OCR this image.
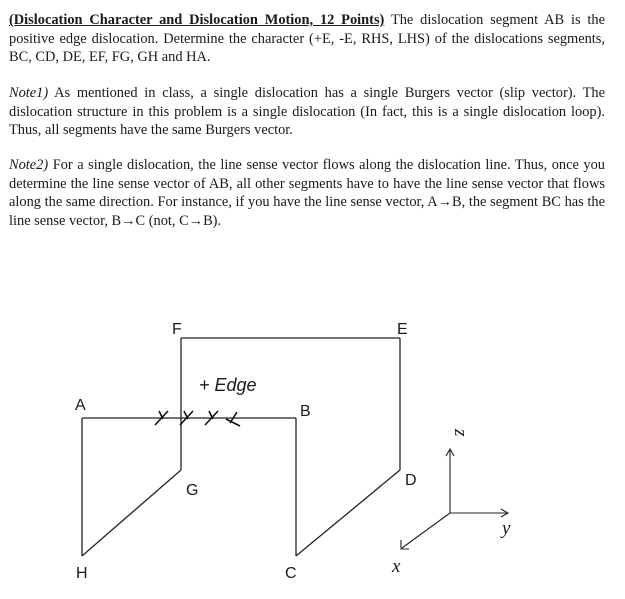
(Dislocation Character and Dislocation Motion, 12 Points) The dislocation segment AB is the positive edge dislocation. Determine the character (+E, -E, RHS, LHS) of the dislocations segments, BC, CD, DE, EF, FG, GH and HA.

Note1) As mentioned in class, a single dislocation has a single Burgers vector (slip vector). The dislocation structure in this problem is a single dislocation (In fact, this is a single dislocation loop). Thus, all segments have the same Burgers vector.

Note2) For a single dislocation, the line sense vector flows along the dislocation line. Thus, once you determine the line sense vector of AB, all other segments have to have the line sense vector that flows along the same direction. For instance, if you have the line sense vector, A→B, the segment BC has the line sense vector, B→C (not, C→B).

A	B
C
D
E
F
G
H
+ Edge
y
z
x
